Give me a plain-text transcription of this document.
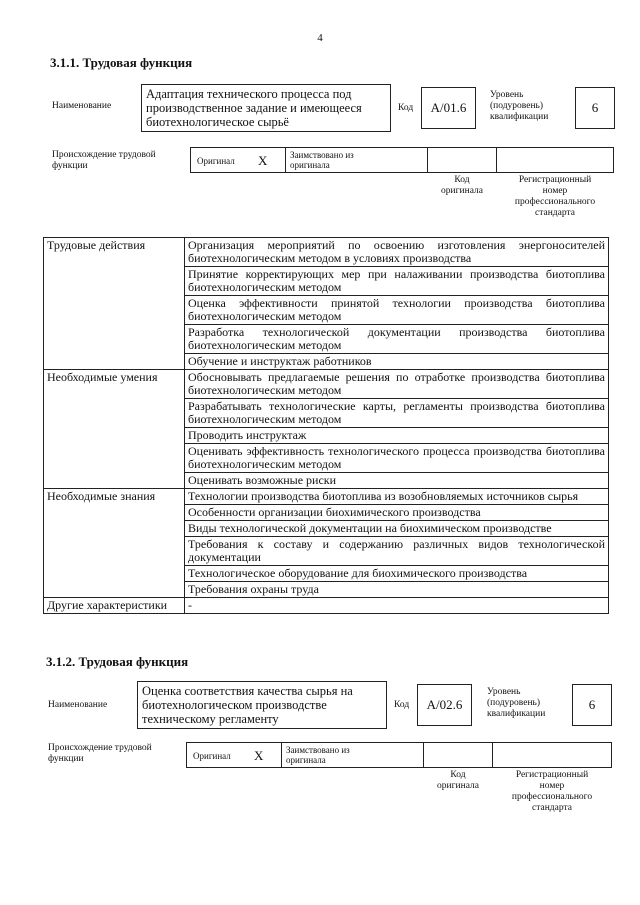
4
3.1.1. Трудовая функция
Наименование
Адаптация технического процесса под
производственное задание и имеющееся
биотехнологическое сырьё
Код A/01.6
Уровень
(подуровень)
квалификации
6
Происхождение трудовой
функции	Оригинал X	Заимствовано из
оригинала
Код
оригинала
Регистрационный
номер
профессионального
стандарта
Трудовые действия	Организация мероприятий по освоению изготовления энергоносителей биотехнологическим методом в условиях производства
	Принятие корректирующих мер при налаживании производства биотоплива биотехнологическим методом
	Оценка эффективности принятой технологии производства биотоплива биотехнологическим методом
	Разработка технологической документации производства биотоплива биотехнологическим методом
	Обучение и инструктаж работников
Необходимые умения	Обосновывать предлагаемые решения по отработке производства биотоплива биотехнологическим методом
	Разрабатывать технологические карты, регламенты производства биотоплива биотехнологическим методом
	Проводить инструктаж
	Оценивать эффективность технологического процесса производства биотоплива биотехнологическим методом
	Оценивать возможные риски
Необходимые знания	Технологии производства биотоплива из возобновляемых источников сырья
	Особенности организации биохимического производства
	Виды технологической документации на биохимическом производстве
	Требования к составу и содержанию различных видов технологической документации
	Технологическое оборудование для биохимического производства
	Требования охраны труда
Другие характеристики	-
3.1.2. Трудовая функция
Наименование
Оценка соответствия качества сырья на
биотехнологическом производстве
техническому регламенту
Код A/02.6
Уровень
(подуровень)
квалификации
6
Происхождение трудовой
функции	Оригинал X	Заимствовано из
оригинала
Код
оригинала
Регистрационный
номер
профессионального
стандарта
